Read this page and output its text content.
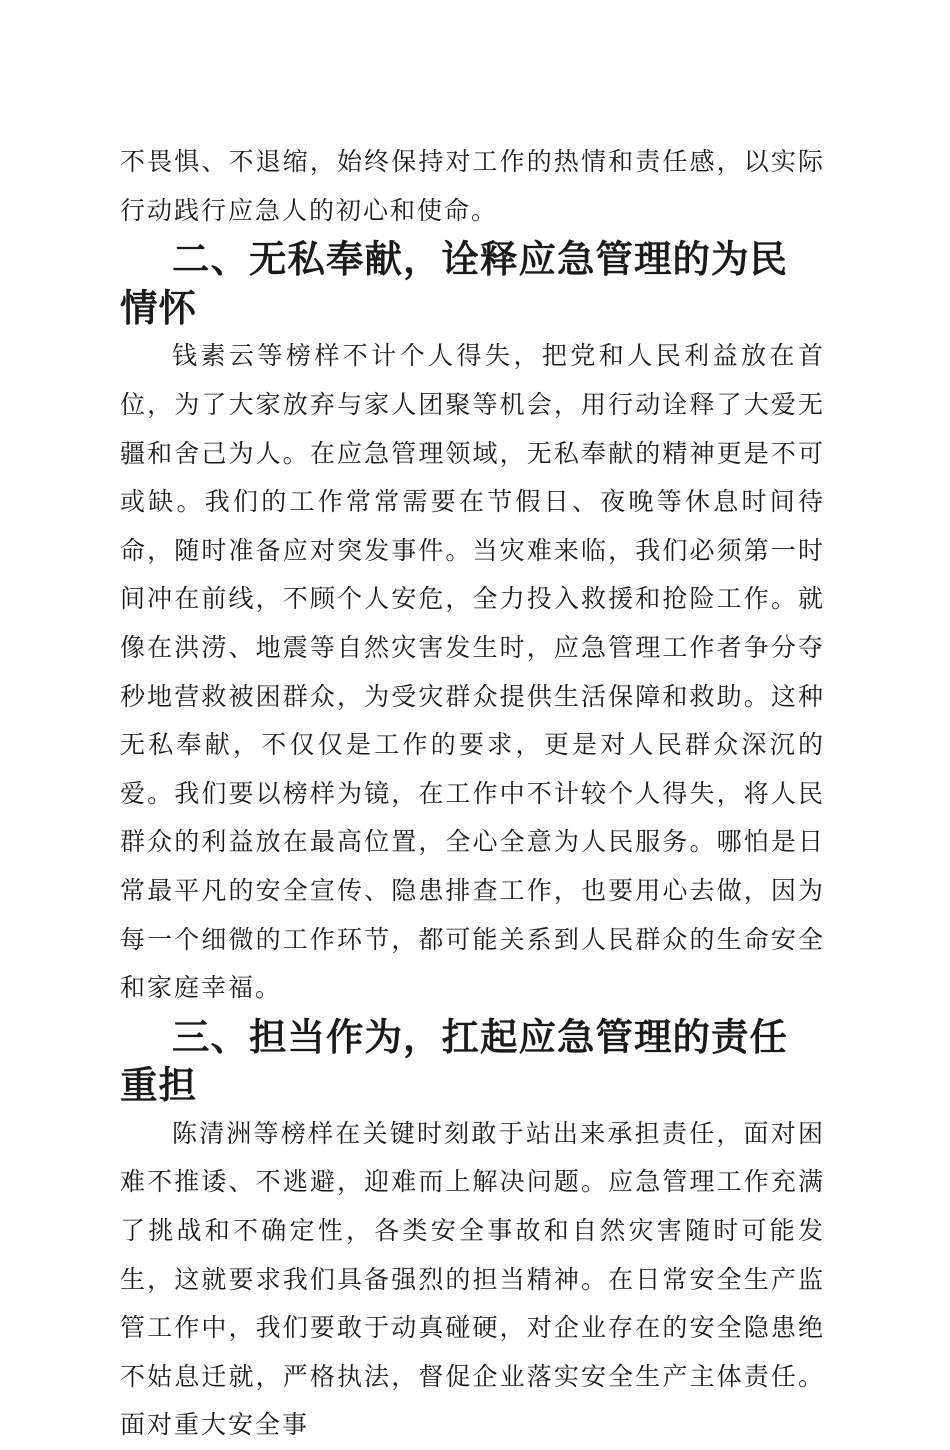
不畏惧、不退缩，始终保持对工作的热情和责任感，以实际行动践行应急人的初心和使命。

二、无私奉献，诠释应急管理的为民情怀

钱素云等榜样不计个人得失，把党和人民利益放在首位，为了大家放弃与家人团聚等机会，用行动诠释了大爱无疆和舍己为人。在应急管理领域，无私奉献的精神更是不可或缺。我们的工作常常需要在节假日、夜晚等休息时间待命，随时准备应对突发事件。当灾难来临，我们必须第一时间冲在前线，不顾个人安危，全力投入救援和抢险工作。就像在洪涝、地震等自然灾害发生时，应急管理工作者争分夺秒地营救被困群众，为受灾群众提供生活保障和救助。这种无私奉献，不仅仅是工作的要求，更是对人民群众深沉的爱。我们要以榜样为镜，在工作中不计较个人得失，将人民群众的利益放在最高位置，全心全意为人民服务。哪怕是日常最平凡的安全宣传、隐患排查工作，也要用心去做，因为每一个细微的工作环节，都可能关系到人民群众的生命安全和家庭幸福。

三、担当作为，扛起应急管理的责任重担

陈清洲等榜样在关键时刻敢于站出来承担责任，面对困难不推诿、不逃避，迎难而上解决问题。应急管理工作充满了挑战和不确定性，各类安全事故和自然灾害随时可能发生，这就要求我们具备强烈的担当精神。在日常安全生产监管工作中，我们要敢于动真碰硬，对企业存在的安全隐患绝不姑息迁就，严格执法，督促企业落实安全生产主体责任。面对重大安全事
